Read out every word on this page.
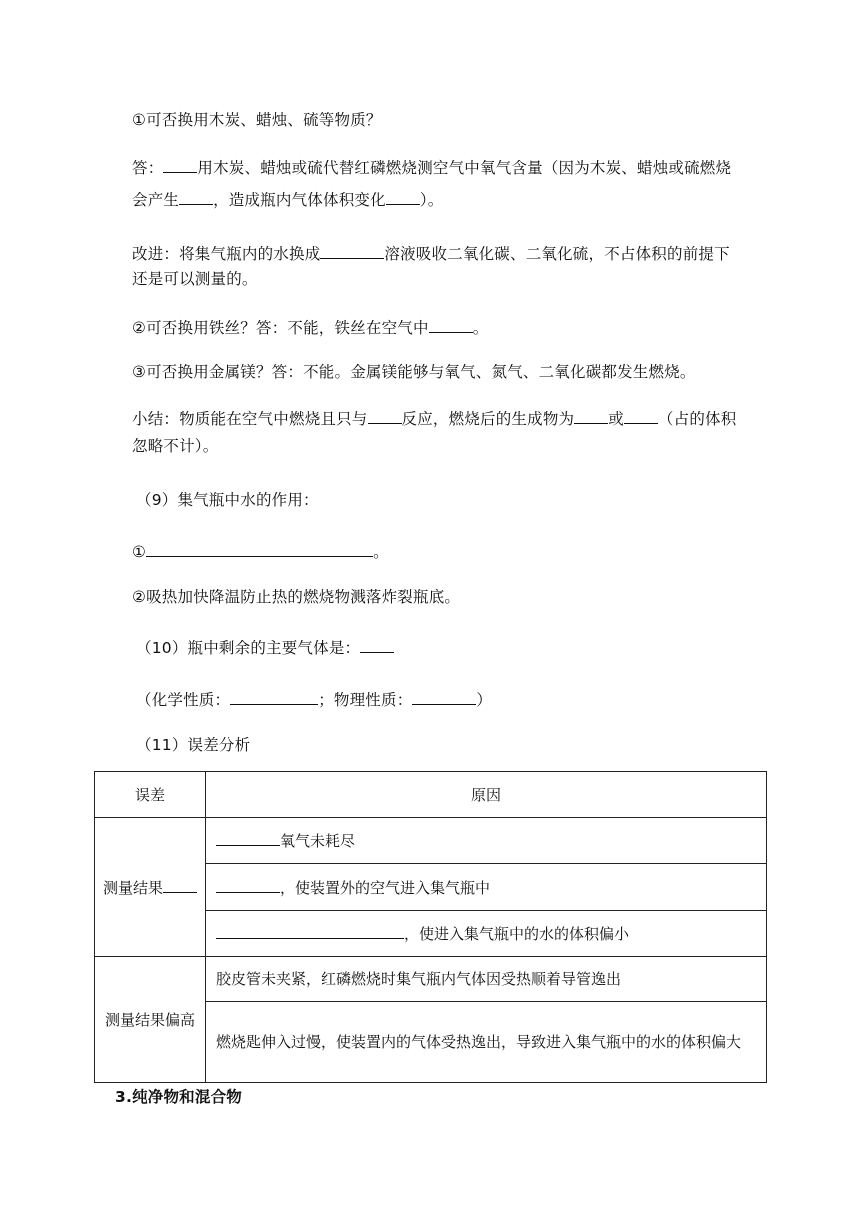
①可否换用木炭、蜡烛、硫等物质？
答： 用木炭、蜡烛或硫代替红磷燃烧测空气中氧气含量（因为木炭、蜡烛或硫燃烧
会产生 ，造成瓶内气体体积变化 ）。
改进：将集气瓶内的水换成	溶液吸收二氧化碳、二氧化硫，不占体积的前提下
还是可以测量的。
②可否换用铁丝？答：不能，铁丝在空气中	。
③可否换用金属镁？答：不能。金属镁能够与氧气、氮气、二氧化碳都发生燃烧。
小结：物质能在空气中燃烧且只与 反应，燃烧后的生成物为 或 （占的体积
忽略不计）。
（9）集气瓶中水的作用：
①	。
②吸热加快降温防止热的燃烧物溅落炸裂瓶底。
（10）瓶中剩余的主要气体是：
（化学性质：	；物理性质：	）
（11）误差分析
误差	原因
测量结果	氧气未耗尽
	，使装置外的空气进入集气瓶中
	，使进入集气瓶中的水的体积偏小
测量结果偏高	胶皮管未夹紧，红磷燃烧时集气瓶内气体因受热顺着导管逸出
	燃烧匙伸入过慢，使装置内的气体受热逸出，导致进入集气瓶中的水的体积偏大
3.纯净物和混合物
